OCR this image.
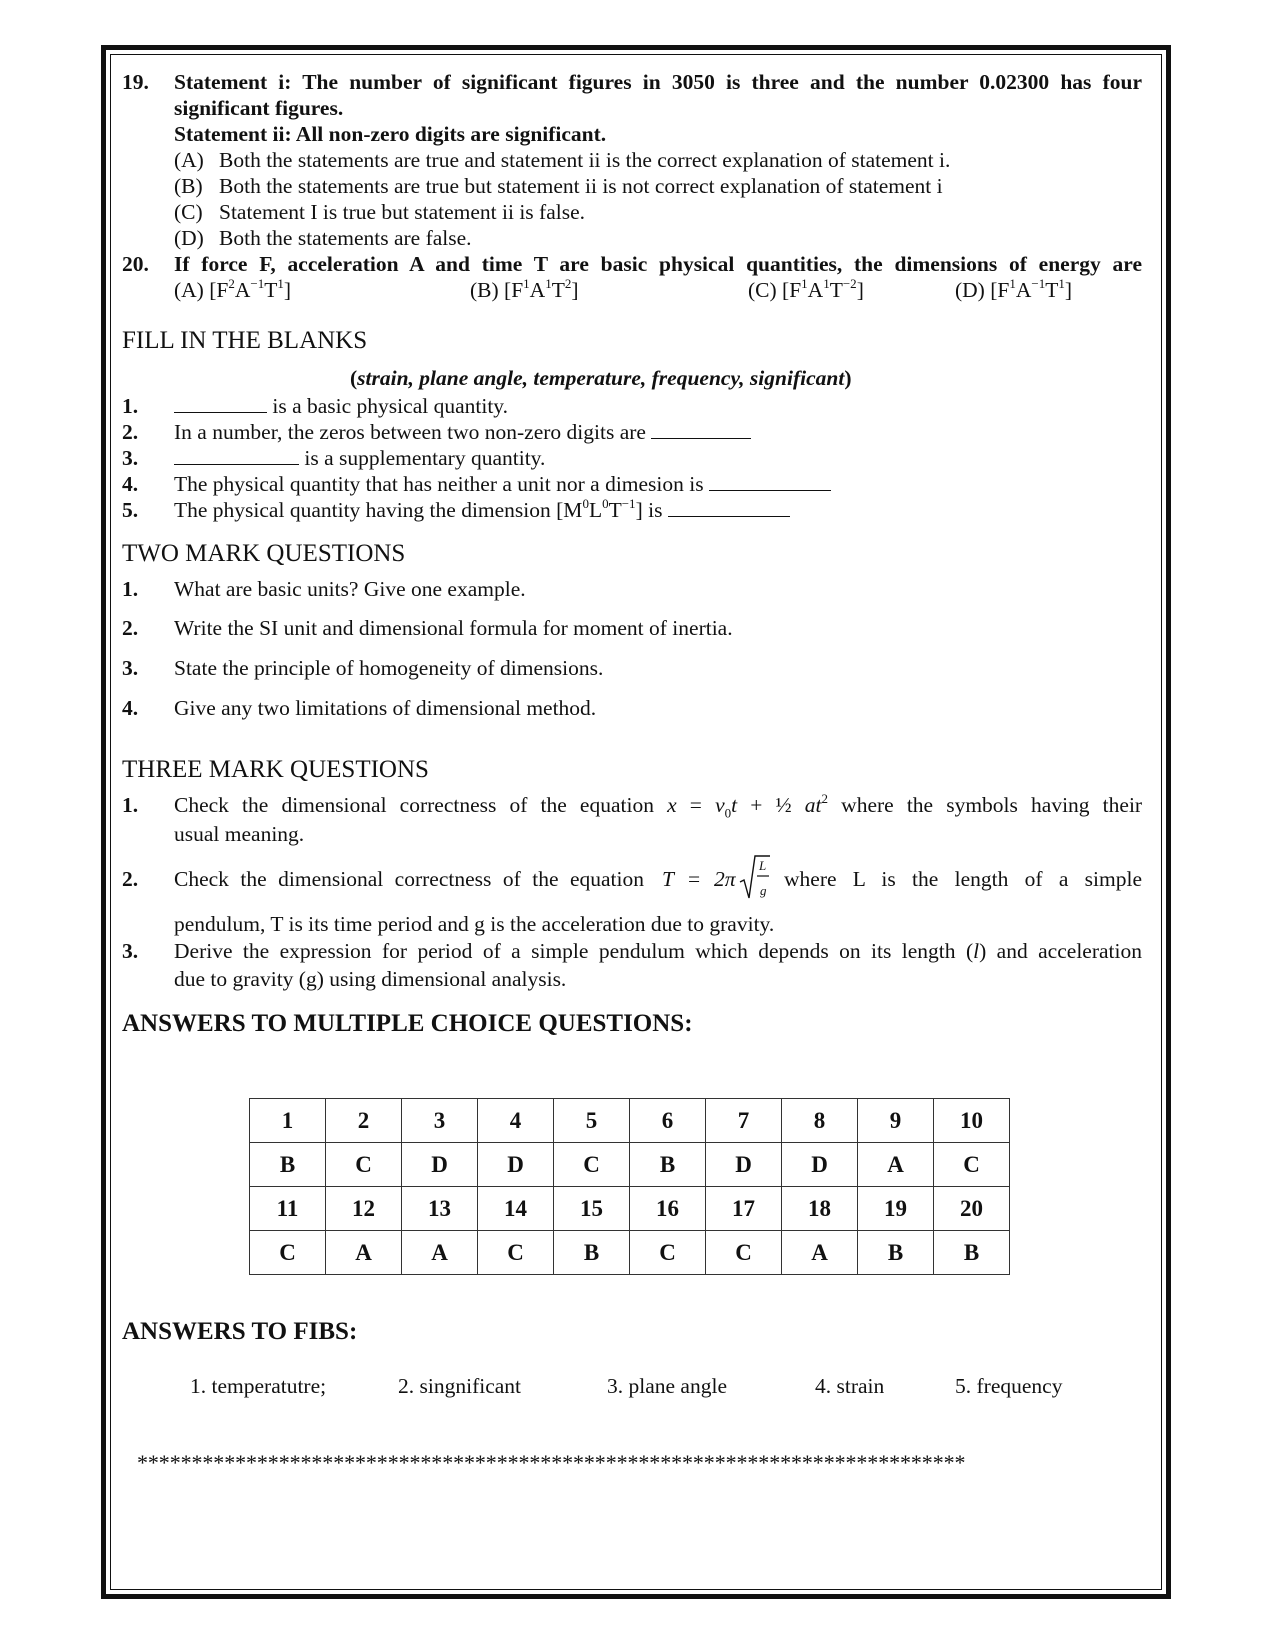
19. Statement i: The number of significant figures in 3050 is three and the number 0.02300 has four
significant figures.
Statement ii: All non-zero digits are significant.
(A) Both the statements are true and statement ii is the correct explanation of statement i.
(B) Both the statements are true but statement ii is not correct explanation of statement i
(C) Statement I is true but statement ii is false.
(D) Both the statements are false.
20. If force F, acceleration A and time T are basic physical quantities, the dimensions of energy are
(A) $[F^2A^{-1}T^1]$	(B) $[F^1A^1T^2]$	(C) $[F^1A^1T^{-2}]$	(D) $[F^1A^{-1}T^1]$
FILL IN THE BLANKS
(strain, plane angle, temperature, frequency, significant)
1.	is a basic physical quantity.
2. In a number, the zeros between two non-zero digits are
3.	is a supplementary quantity.
4. The physical quantity that has neither a unit nor a dimesion is
5. The physical quantity having the dimension $[M^0L^0T^{-1}]$ is
TWO MARK QUESTIONS
1. What are basic units? Give one example.
2. Write the SI unit and dimensional formula for moment of inertia.
3. State the principle of homogeneity of dimensions.
4. Give any two limitations of dimensional method.
THREE MARK QUESTIONS
1. Check the dimensional correctness of the equation $x = v_0t$ + ½ $at^2$ where the symbols having their
usual meaning.
2. Check the dimensional correctness of the equation T = 2π
L
g where L is the length of a simple
pendulum, T is its time period and g is the acceleration due to gravity.
3. Derive the expression for period of a simple pendulum which depends on its length (l) and acceleration
due to gravity (g) using dimensional analysis.
ANSWERS TO MULTIPLE CHOICE QUESTIONS:
1	2	3	4	5	6	7	8	9	10
B	C	D	D	C	B	D	D	A	C
11	12	13	14	15	16	17	18	19	20
C	A	A	C	B	C	C	A	B	B
ANSWERS TO FIBS:
1. temperatutre;	2. singnificant	3. plane angle	4. strain	5. frequency
****************************************************************************
